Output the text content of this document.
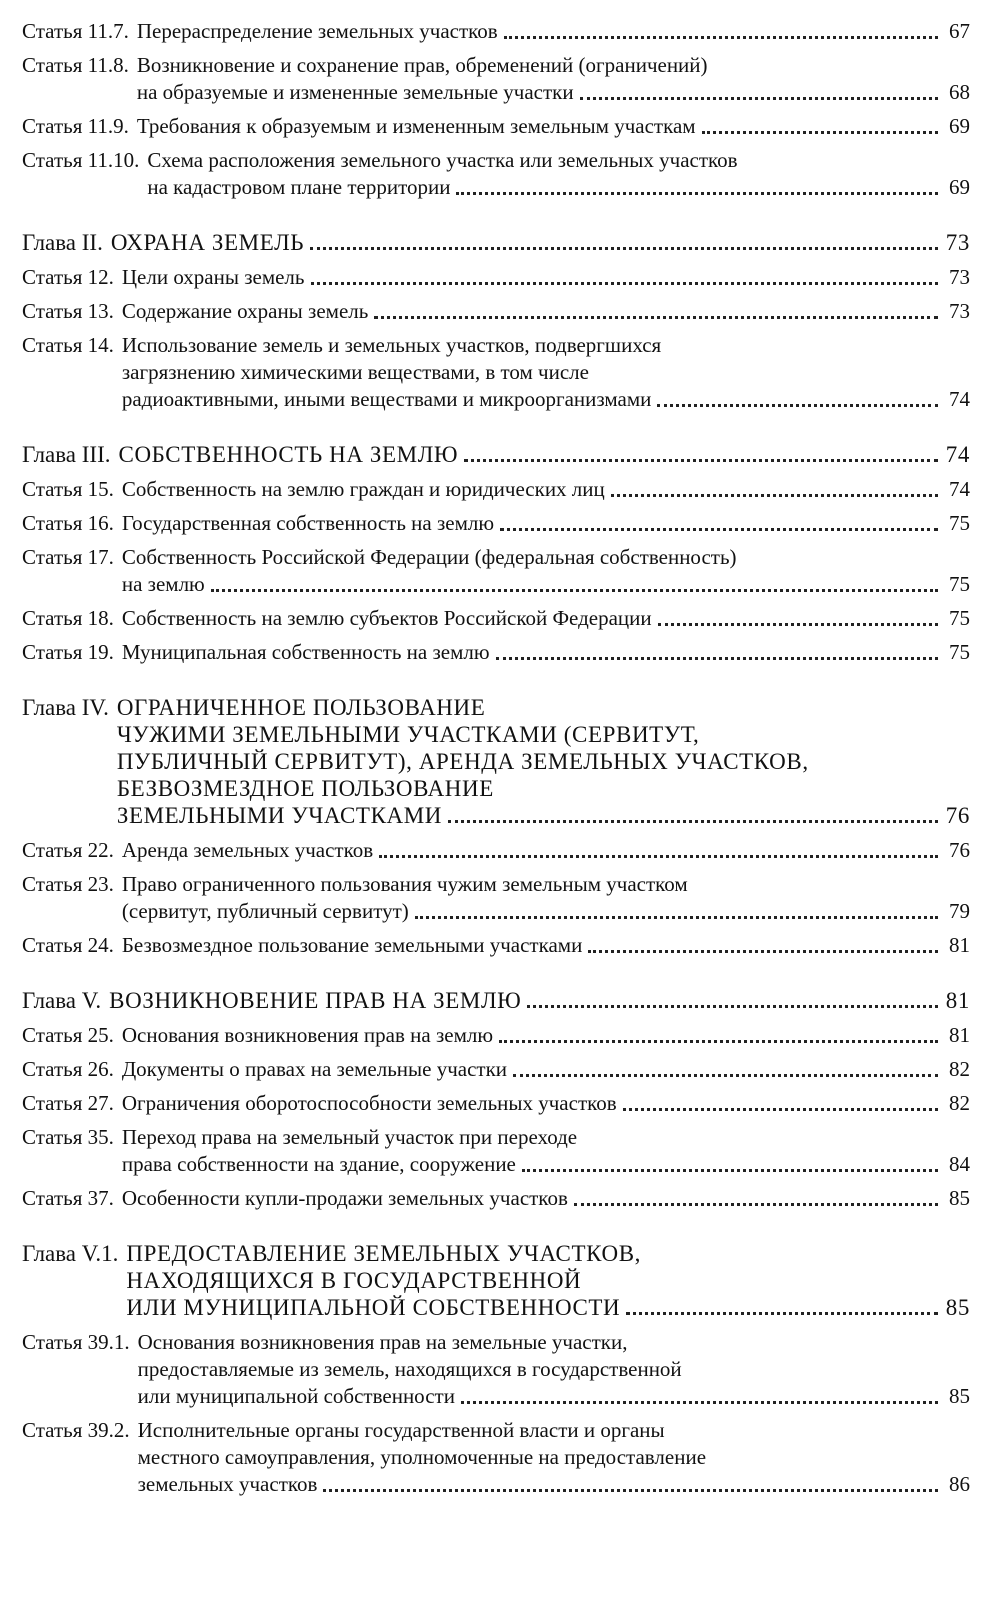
Статья 11.7. Перераспределение земельных участков	67
Статья 11.8. Возникновение и сохранение прав, обременений (ограничений)
на образуемые и измененные земельные участки	68
Статья 11.9. Требования к образуемым и измененным земельным участкам	69
Статья 11.10. Схема расположения земельного участка или земельных участков
на кадастровом плане территории	69
Глава II. ОХРАНА ЗЕМЕЛЬ	73
Статья 12. Цели охраны земель	73
Статья 13. Содержание охраны земель	73
Статья 14. Использование земель и земельных участков, подвергшихся
загрязнению химическими веществами, в том числе
радиоактивными, иными веществами и микроорганизмами	74
Глава III. СОБСТВЕННОСТЬ НА ЗЕМЛЮ	74
Статья 15. Собственность на землю граждан и юридических лиц	74
Статья 16. Государственная собственность на землю	75
Статья 17. Собственность Российской Федерации (федеральная собственность)
на землю	75
Статья 18. Собственность на землю субъектов Российской Федерации	75
Статья 19. Муниципальная собственность на землю	75
Глава IV. ОГРАНИЧЕННОЕ ПОЛЬЗОВАНИЕ
ЧУЖИМИ ЗЕМЕЛЬНЫМИ УЧАСТКАМИ (СЕРВИТУТ,
ПУБЛИЧНЫЙ СЕРВИТУТ), АРЕНДА ЗЕМЕЛЬНЫХ УЧАСТКОВ,
БЕЗВОЗМЕЗДНОЕ ПОЛЬЗОВАНИЕ
ЗЕМЕЛЬНЫМИ УЧАСТКАМИ	76
Статья 22. Аренда земельных участков	76
Статья 23. Право ограниченного пользования чужим земельным участком
(сервитут, публичный сервитут)	79
Статья 24. Безвозмездное пользование земельными участками	81
Глава V. ВОЗНИКНОВЕНИЕ ПРАВ НА ЗЕМЛЮ	81
Статья 25. Основания возникновения прав на землю	81
Статья 26. Документы о правах на земельные участки	82
Статья 27. Ограничения оборотоспособности земельных участков	82
Статья 35. Переход права на земельный участок при переходе
права собственности на здание, сооружение	84
Статья 37. Особенности купли-продажи земельных участков	85
Глава V.1. ПРЕДОСТАВЛЕНИЕ ЗЕМЕЛЬНЫХ УЧАСТКОВ,
НАХОДЯЩИХСЯ В ГОСУДАРСТВЕННОЙ
ИЛИ МУНИЦИПАЛЬНОЙ СОБСТВЕННОСТИ	85
Статья 39.1. Основания возникновения прав на земельные участки,
предоставляемые из земель, находящихся в государственной
или муниципальной собственности	85
Статья 39.2. Исполнительные органы государственной власти и органы
местного самоуправления, уполномоченные на предоставление
земельных участков	86
